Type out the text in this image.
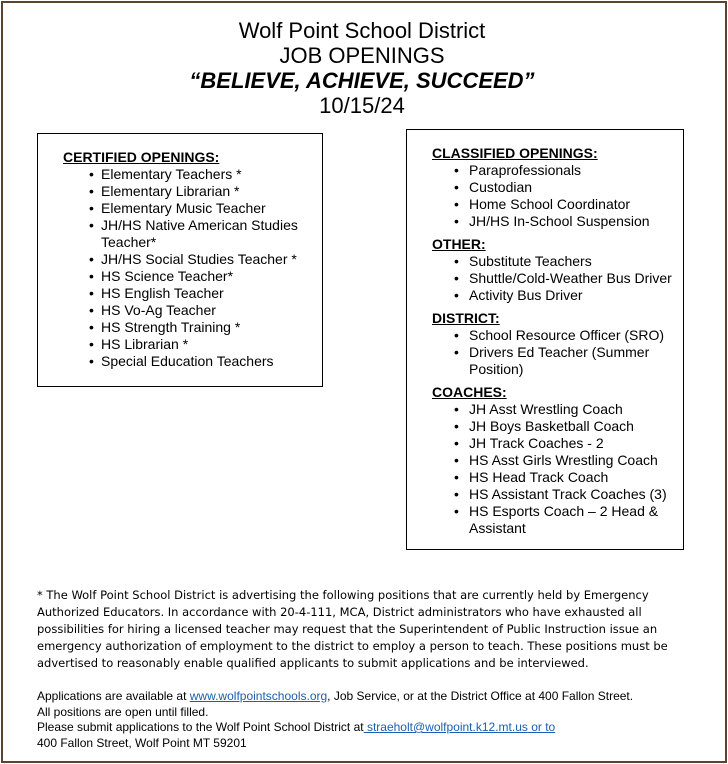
Wolf Point School District
JOB OPENINGS
“BELIEVE, ACHIEVE, SUCCEED”
10/15/24

CERTIFIED OPENINGS:

• Elementary Teachers *
• Elementary Librarian *
• Elementary Music Teacher
• JH/HS Native American Studies Teacher*
• JH/HS Social Studies Teacher *
• HS Science Teacher*
• HS English Teacher
• HS Vo-Ag Teacher
• HS Strength Training *
• HS Librarian *
• Special Education Teachers

CLASSIFIED OPENINGS:

• Paraprofessionals
• Custodian
• Home School Coordinator
• JH/HS In-School Suspension

OTHER:

• Substitute Teachers
• Shuttle/Cold-Weather Bus Driver
• Activity Bus Driver

DISTRICT:

• School Resource Officer (SRO)
• Drivers Ed Teacher (Summer Position)

COACHES:

• JH Asst Wrestling Coach
• JH Boys Basketball Coach
• JH Track Coaches - 2
• HS Asst Girls Wrestling Coach
• HS Head Track Coach
• HS Assistant Track Coaches (3)
• HS Esports Coach – 2 Head & Assistant
* The Wolf Point School District is advertising the following positions that are currently held by Emergency Authorized Educators. In accordance with 20-4-111, MCA, District administrators who have exhausted all possibilities for hiring a licensed teacher may request that the Superintendent of Public Instruction issue an emergency authorization of employment to the district to employ a person to teach. These positions must be advertised to reasonably enable qualified applicants to submit applications and be interviewed.
Applications are available at www.wolfpointschools.org, Job Service, or at the District Office at 400 Fallon Street.
All positions are open until filled.
Please submit applications to the Wolf Point School District at straeholt@wolfpoint.k12.mt.us or to
400 Fallon Street, Wolf Point MT 59201
